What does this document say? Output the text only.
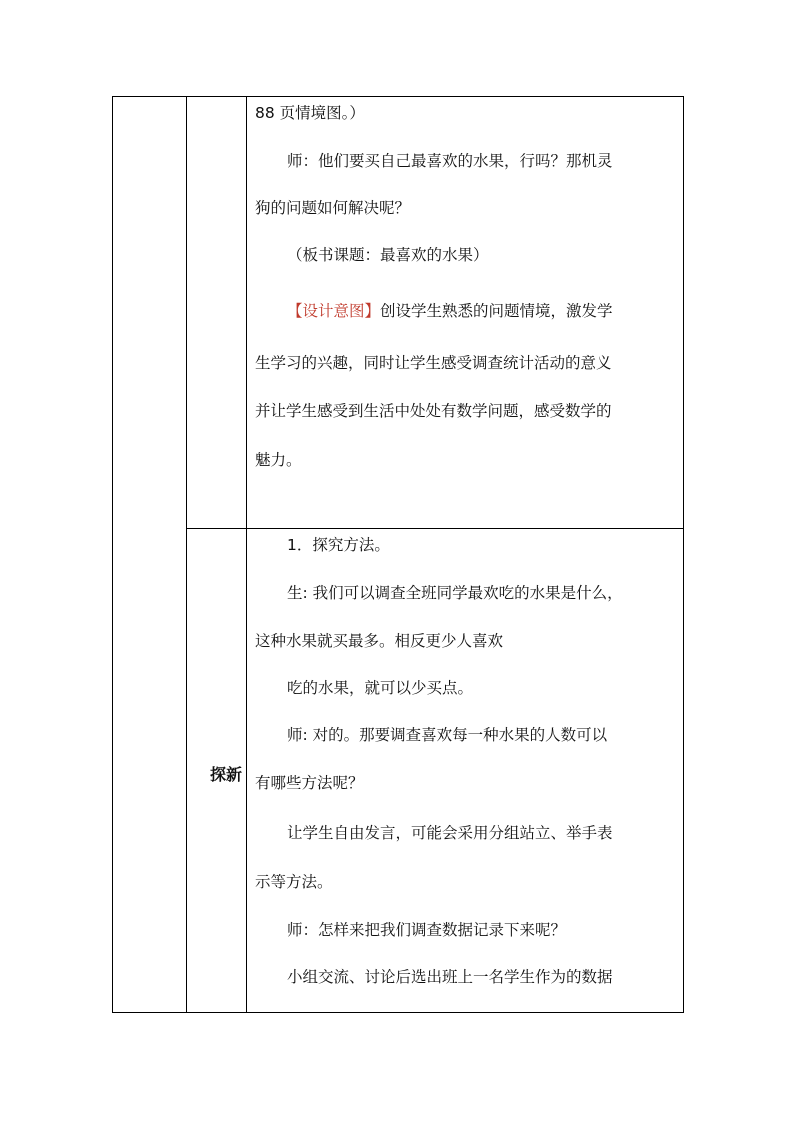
88 页情境图。）
师：他们要买自己最喜欢的水果，行吗？那机灵
狗的问题如何解决呢？
（板书课题：最喜欢的水果）
【设计意图】创设学生熟悉的问题情境，激发学
生学习的兴趣，同时让学生感受调查统计活动的意义
并让学生感受到生活中处处有数学问题，感受数学的
魅力。
探新
1．探究方法。
生: 我们可以调查全班同学最欢吃的水果是什么，
这种水果就买最多。相反更少人喜欢
吃的水果，就可以少买点。
师: 对的。那要调查喜欢每一种水果的人数可以
有哪些方法呢？
让学生自由发言，可能会采用分组站立、举手表
示等方法。
师：怎样来把我们调查数据记录下来呢？
小组交流、讨论后选出班上一名学生作为的数据
